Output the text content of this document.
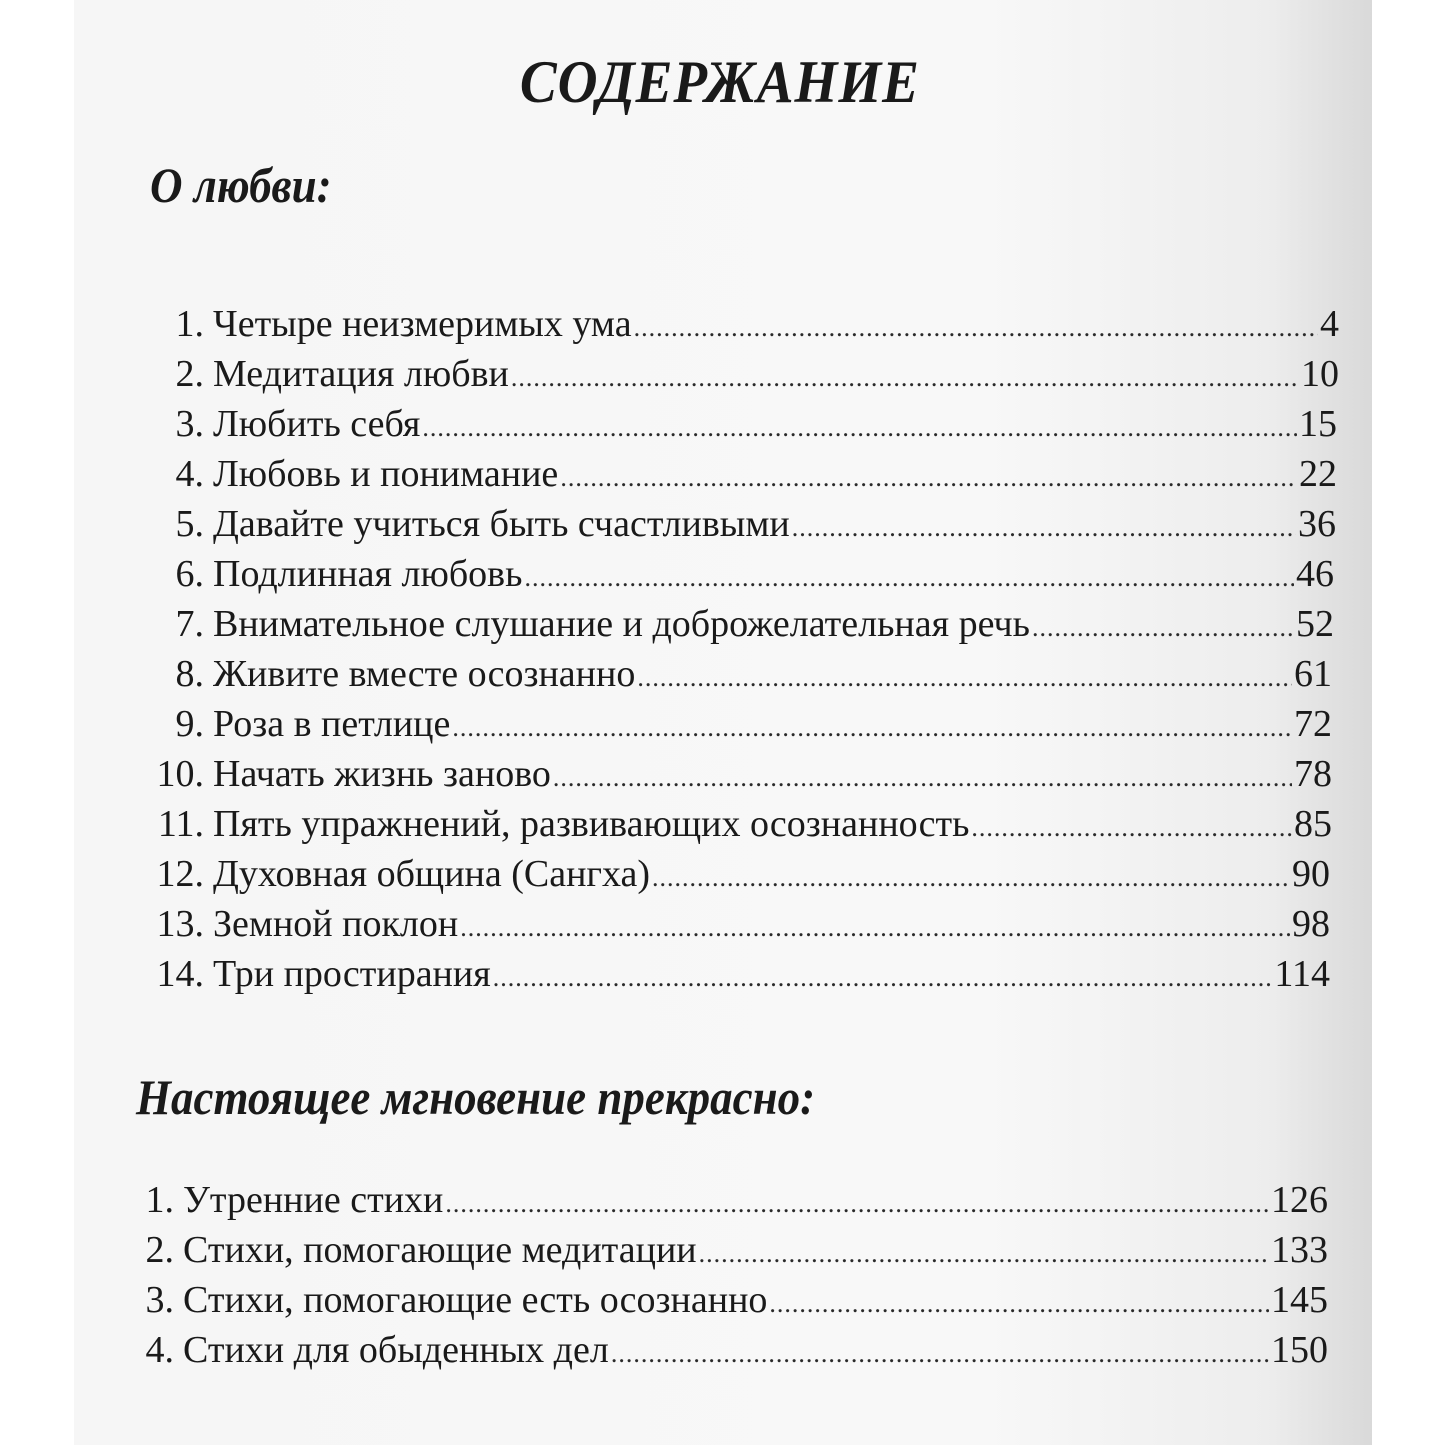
СОДЕРЖАНИЕ
О любви:
1. Четыре неизмеримых ума .....	4
2. Медитация любви .....	10
3. Любить себя .....	15
4. Любовь и понимание .....	22
5. Давайте учиться быть счастливыми .....	36
6. Подлинная любовь .....	46
7. Внимательное слушание и доброжелательная речь .....	52
8. Живите вместе осознанно .....	61
9. Роза в петлице .....	72
10. Начать жизнь заново .....	78
11. Пять упражнений, развивающих осознанность .....	85
12. Духовная община (Сангха) .....	90
13. Земной поклон .....	98
14. Три простирания .....	114
Настоящее мгновение прекрасно:
1. Утренние стихи .....	126
2. Стихи, помогающие медитации .....	133
3. Стихи, помогающие есть осознанно .....	145
4. Стихи для обыденных дел .....	150
